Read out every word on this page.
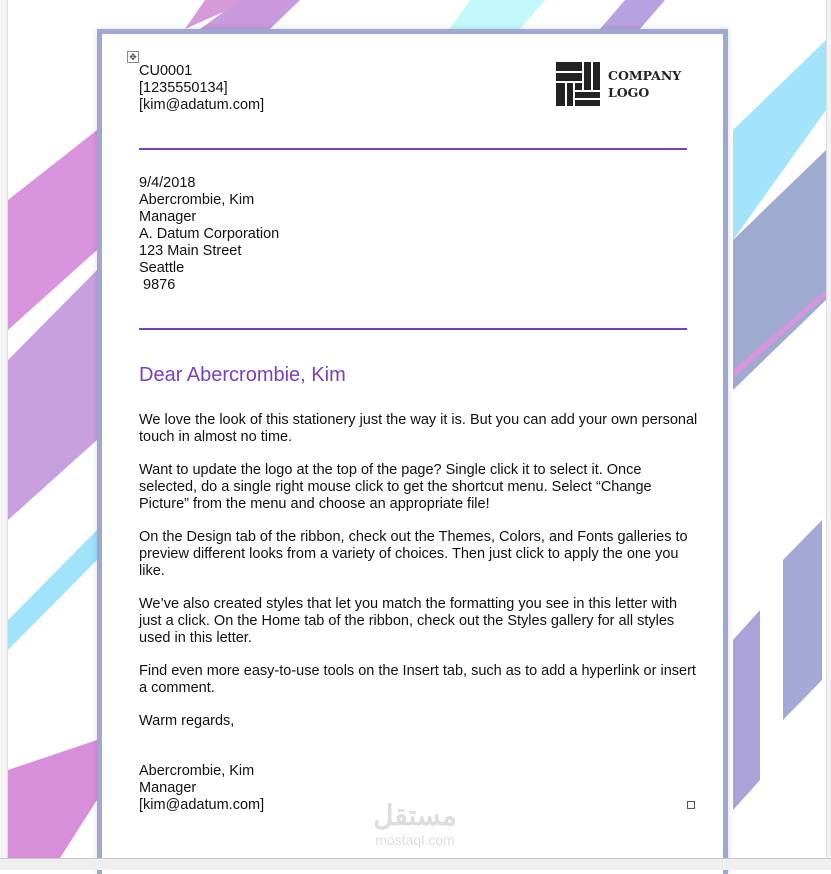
✥
CU0001
[1235550134]
[kim@adatum.com]
COMPANY
LOGO
9/4/2018
Abercrombie, Kim
Manager
A. Datum Corporation
123 Main Street
Seattle
9876
Dear Abercrombie, Kim

We love the look of this stationery just the way it is. But you can add your own personal touch in almost no time.

Want to update the logo at the top of the page? Single click it to select it. Once selected, do a single right mouse click to get the shortcut menu. Select “Change Picture” from the menu and choose an appropriate file!

On the Design tab of the ribbon, check out the Themes, Colors, and Fonts galleries to preview different looks from a variety of choices. Then just click to apply the one you like.

We’ve also created styles that let you match the formatting you see in this letter with just a click. On the Home tab of the ribbon, check out the Styles gallery for all styles used in this letter.

Find even more easy-to-use tools on the Insert tab, such as to add a hyperlink or insert a comment.

Warm regards,

Abercrombie, Kim
Manager
[kim@adatum.com]	مستقل
mostaql.com
